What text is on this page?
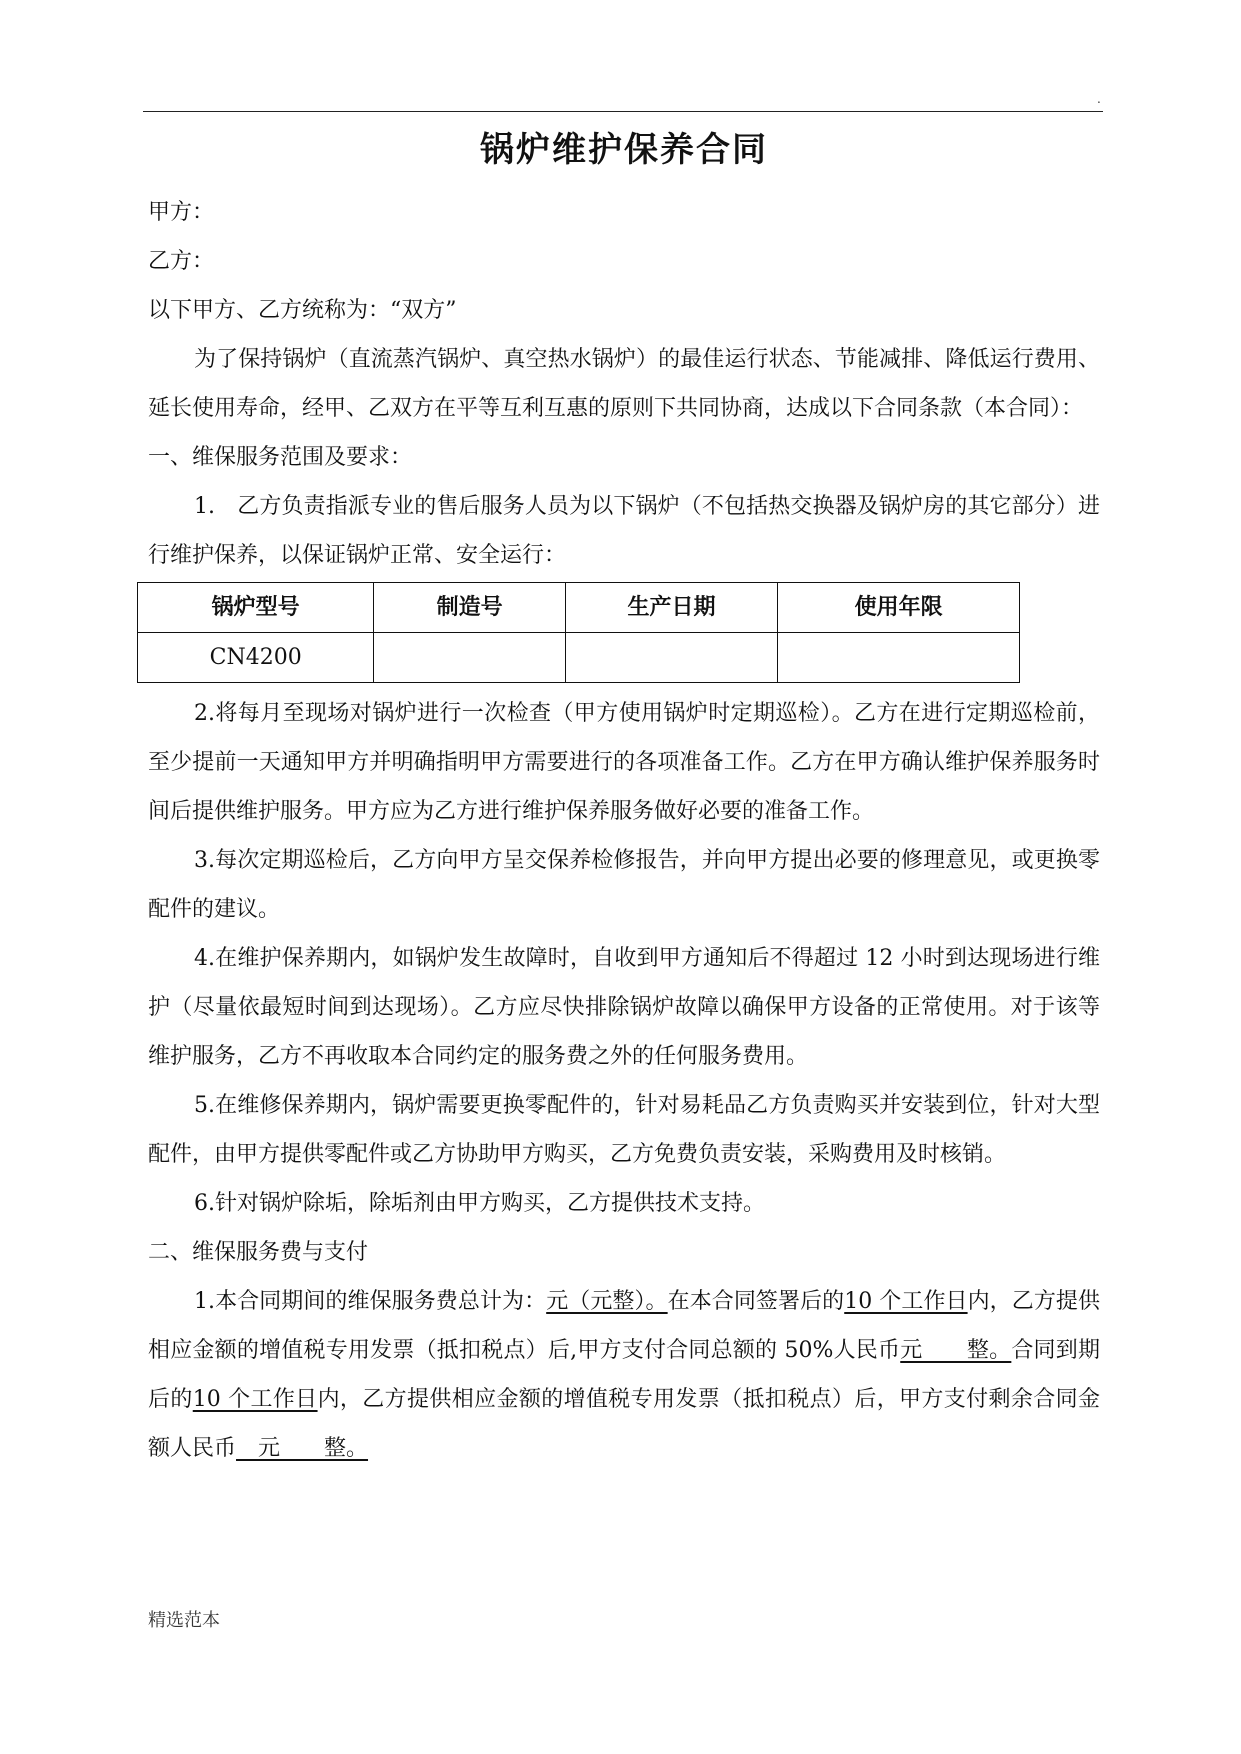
.
锅炉维护保养合同

甲方：

乙方：

以下甲方、乙方统称为：“双方”

为了保持锅炉（直流蒸汽锅炉、真空热水锅炉）的最佳运行状态、节能减排、降低运行费用、延长使用寿命，经甲、乙双方在平等互利互惠的原则下共同协商，达成以下合同条款（本合同）：

一、维保服务范围及要求：

1.　乙方负责指派专业的售后服务人员为以下锅炉（不包括热交换器及锅炉房的其它部分）进行维护保养，以保证锅炉正常、安全运行：

锅炉型号	制造号	生产日期	使用年限
CN4200			

2.将每月至现场对锅炉进行一次检查（甲方使用锅炉时定期巡检）。乙方在进行定期巡检前，至少提前一天通知甲方并明确指明甲方需要进行的各项准备工作。乙方在甲方确认维护保养服务时间后提供维护服务。甲方应为乙方进行维护保养服务做好必要的准备工作。

3.每次定期巡检后，乙方向甲方呈交保养检修报告，并向甲方提出必要的修理意见，或更换零配件的建议。

4.在维护保养期内，如锅炉发生故障时，自收到甲方通知后不得超过 12 小时到达现场进行维护（尽量依最短时间到达现场）。乙方应尽快排除锅炉故障以确保甲方设备的正常使用。对于该等维护服务，乙方不再收取本合同约定的服务费之外的任何服务费用。

5.在维修保养期内，锅炉需要更换零配件的，针对易耗品乙方负责购买并安装到位，针对大型配件，由甲方提供零配件或乙方协助甲方购买，乙方免费负责安装，采购费用及时核销。

6.针对锅炉除垢，除垢剂由甲方购买，乙方提供技术支持。

二、维保服务费与支付

1.本合同期间的维保服务费总计为：元（元整）。在本合同签署后的10 个工作日内，乙方提供相应金额的增值税专用发票（抵扣税点）后,甲方支付合同总额的 50%人民币元　　整。合同到期后的10 个工作日内，乙方提供相应金额的增值税专用发票（抵扣税点）后，甲方支付剩余合同金额人民币　元　　整。

精选范本
